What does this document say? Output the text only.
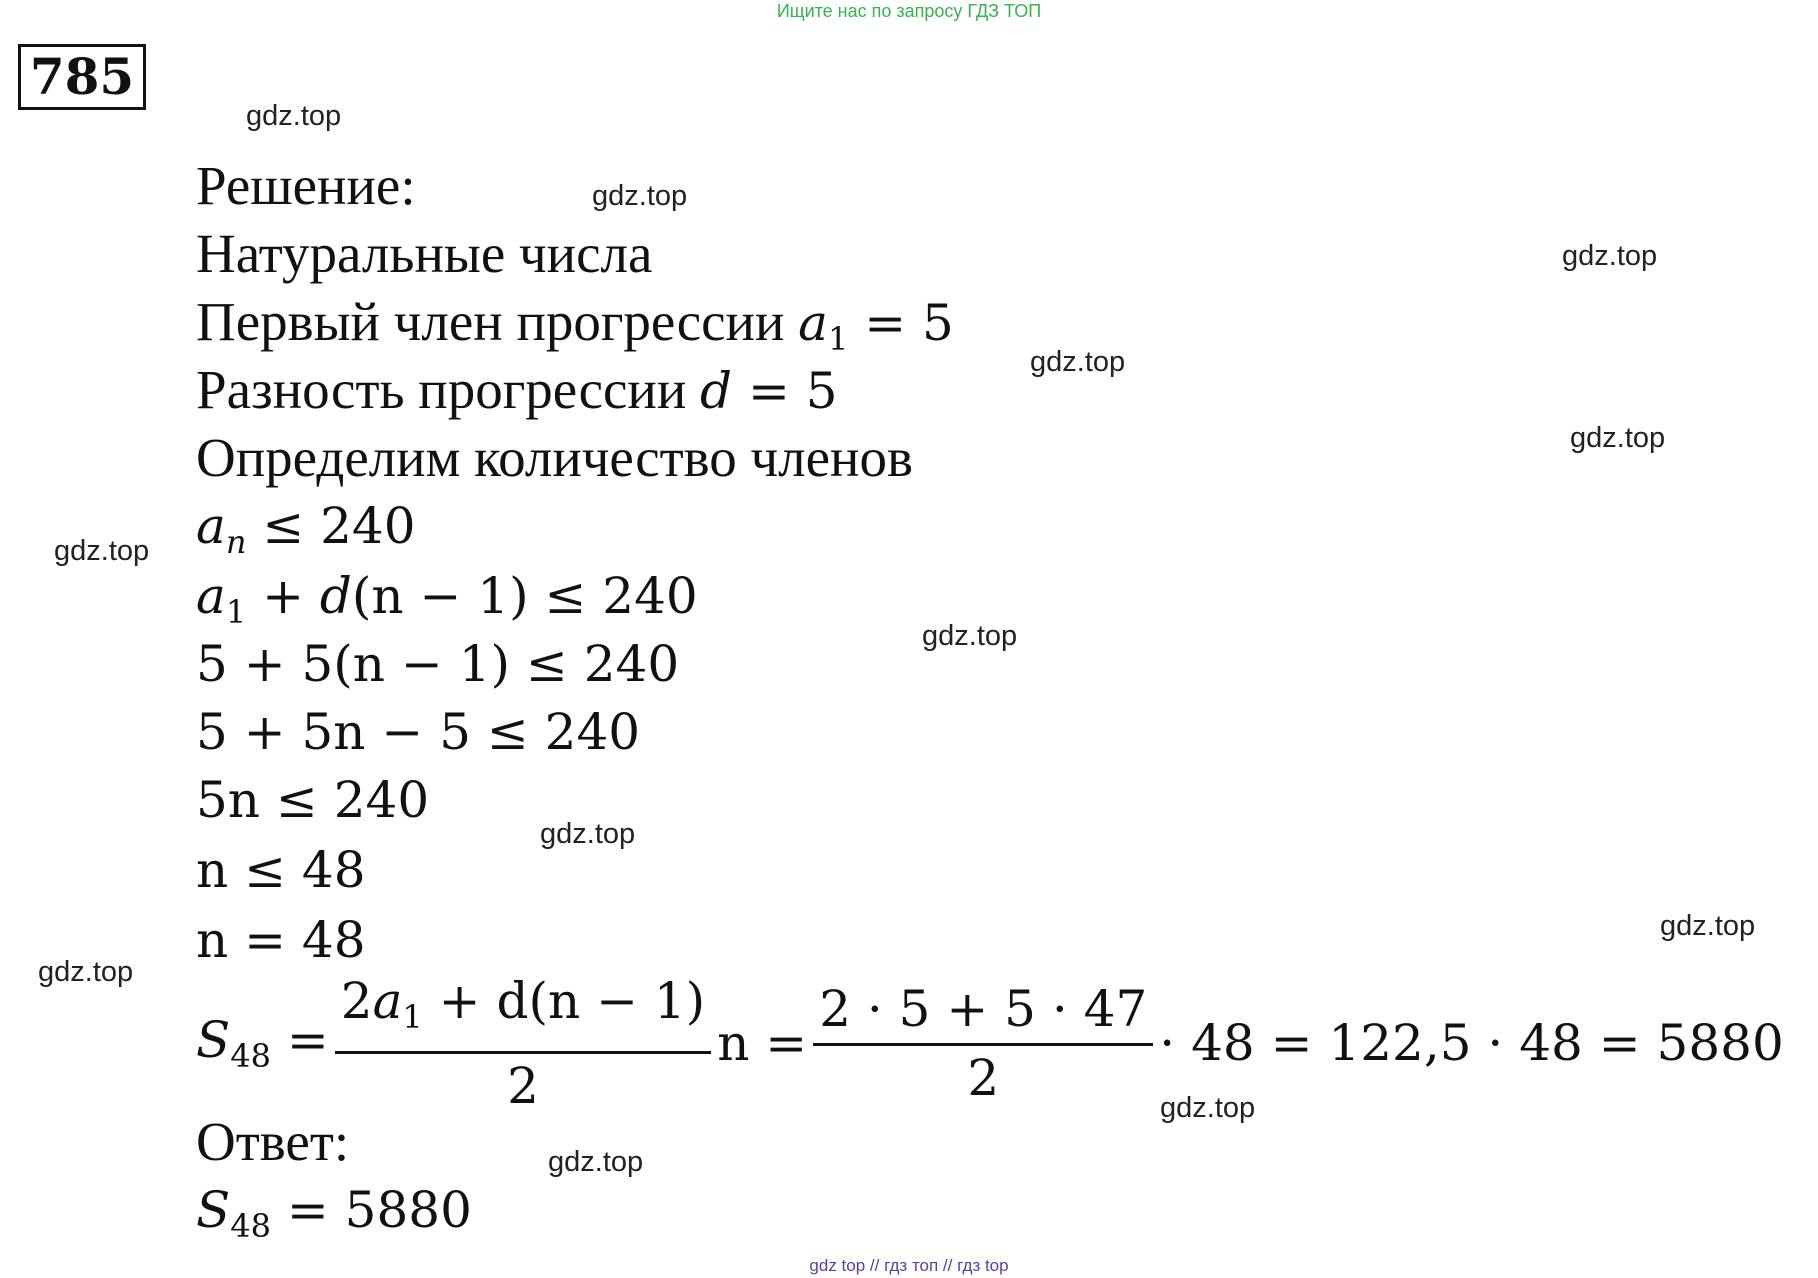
Ищите нас по запросу ГДЗ ТОП
785
gdz.top
gdz.top
gdz.top
gdz.top
gdz.top
gdz.top
gdz.top
gdz.top
gdz.top
gdz.top
gdz.top
gdz.top
Решение:
Натуральные числа
Первый член прогрессии $a_1 = 5$
Разность прогрессии d = 5
Определим количество членов
$a_n \le 240$
$a_1 + d(n - 1) \le 240$
5 + 5(n − 1) ≤ 240
5 + 5n − 5 ≤ 240
5n ≤ 240
n ≤ 48
n = 48
$S_{48} = \frac{2a_1 + d(n - 1)}{2}$ $n = \frac{2 \cdot 5 + 5 \cdot 47}{2} \cdot 48 = 122,5 \cdot 48 = 5880$
Ответ:
$S_{48} = 5880$
gdz top // гдз топ // гдз top
